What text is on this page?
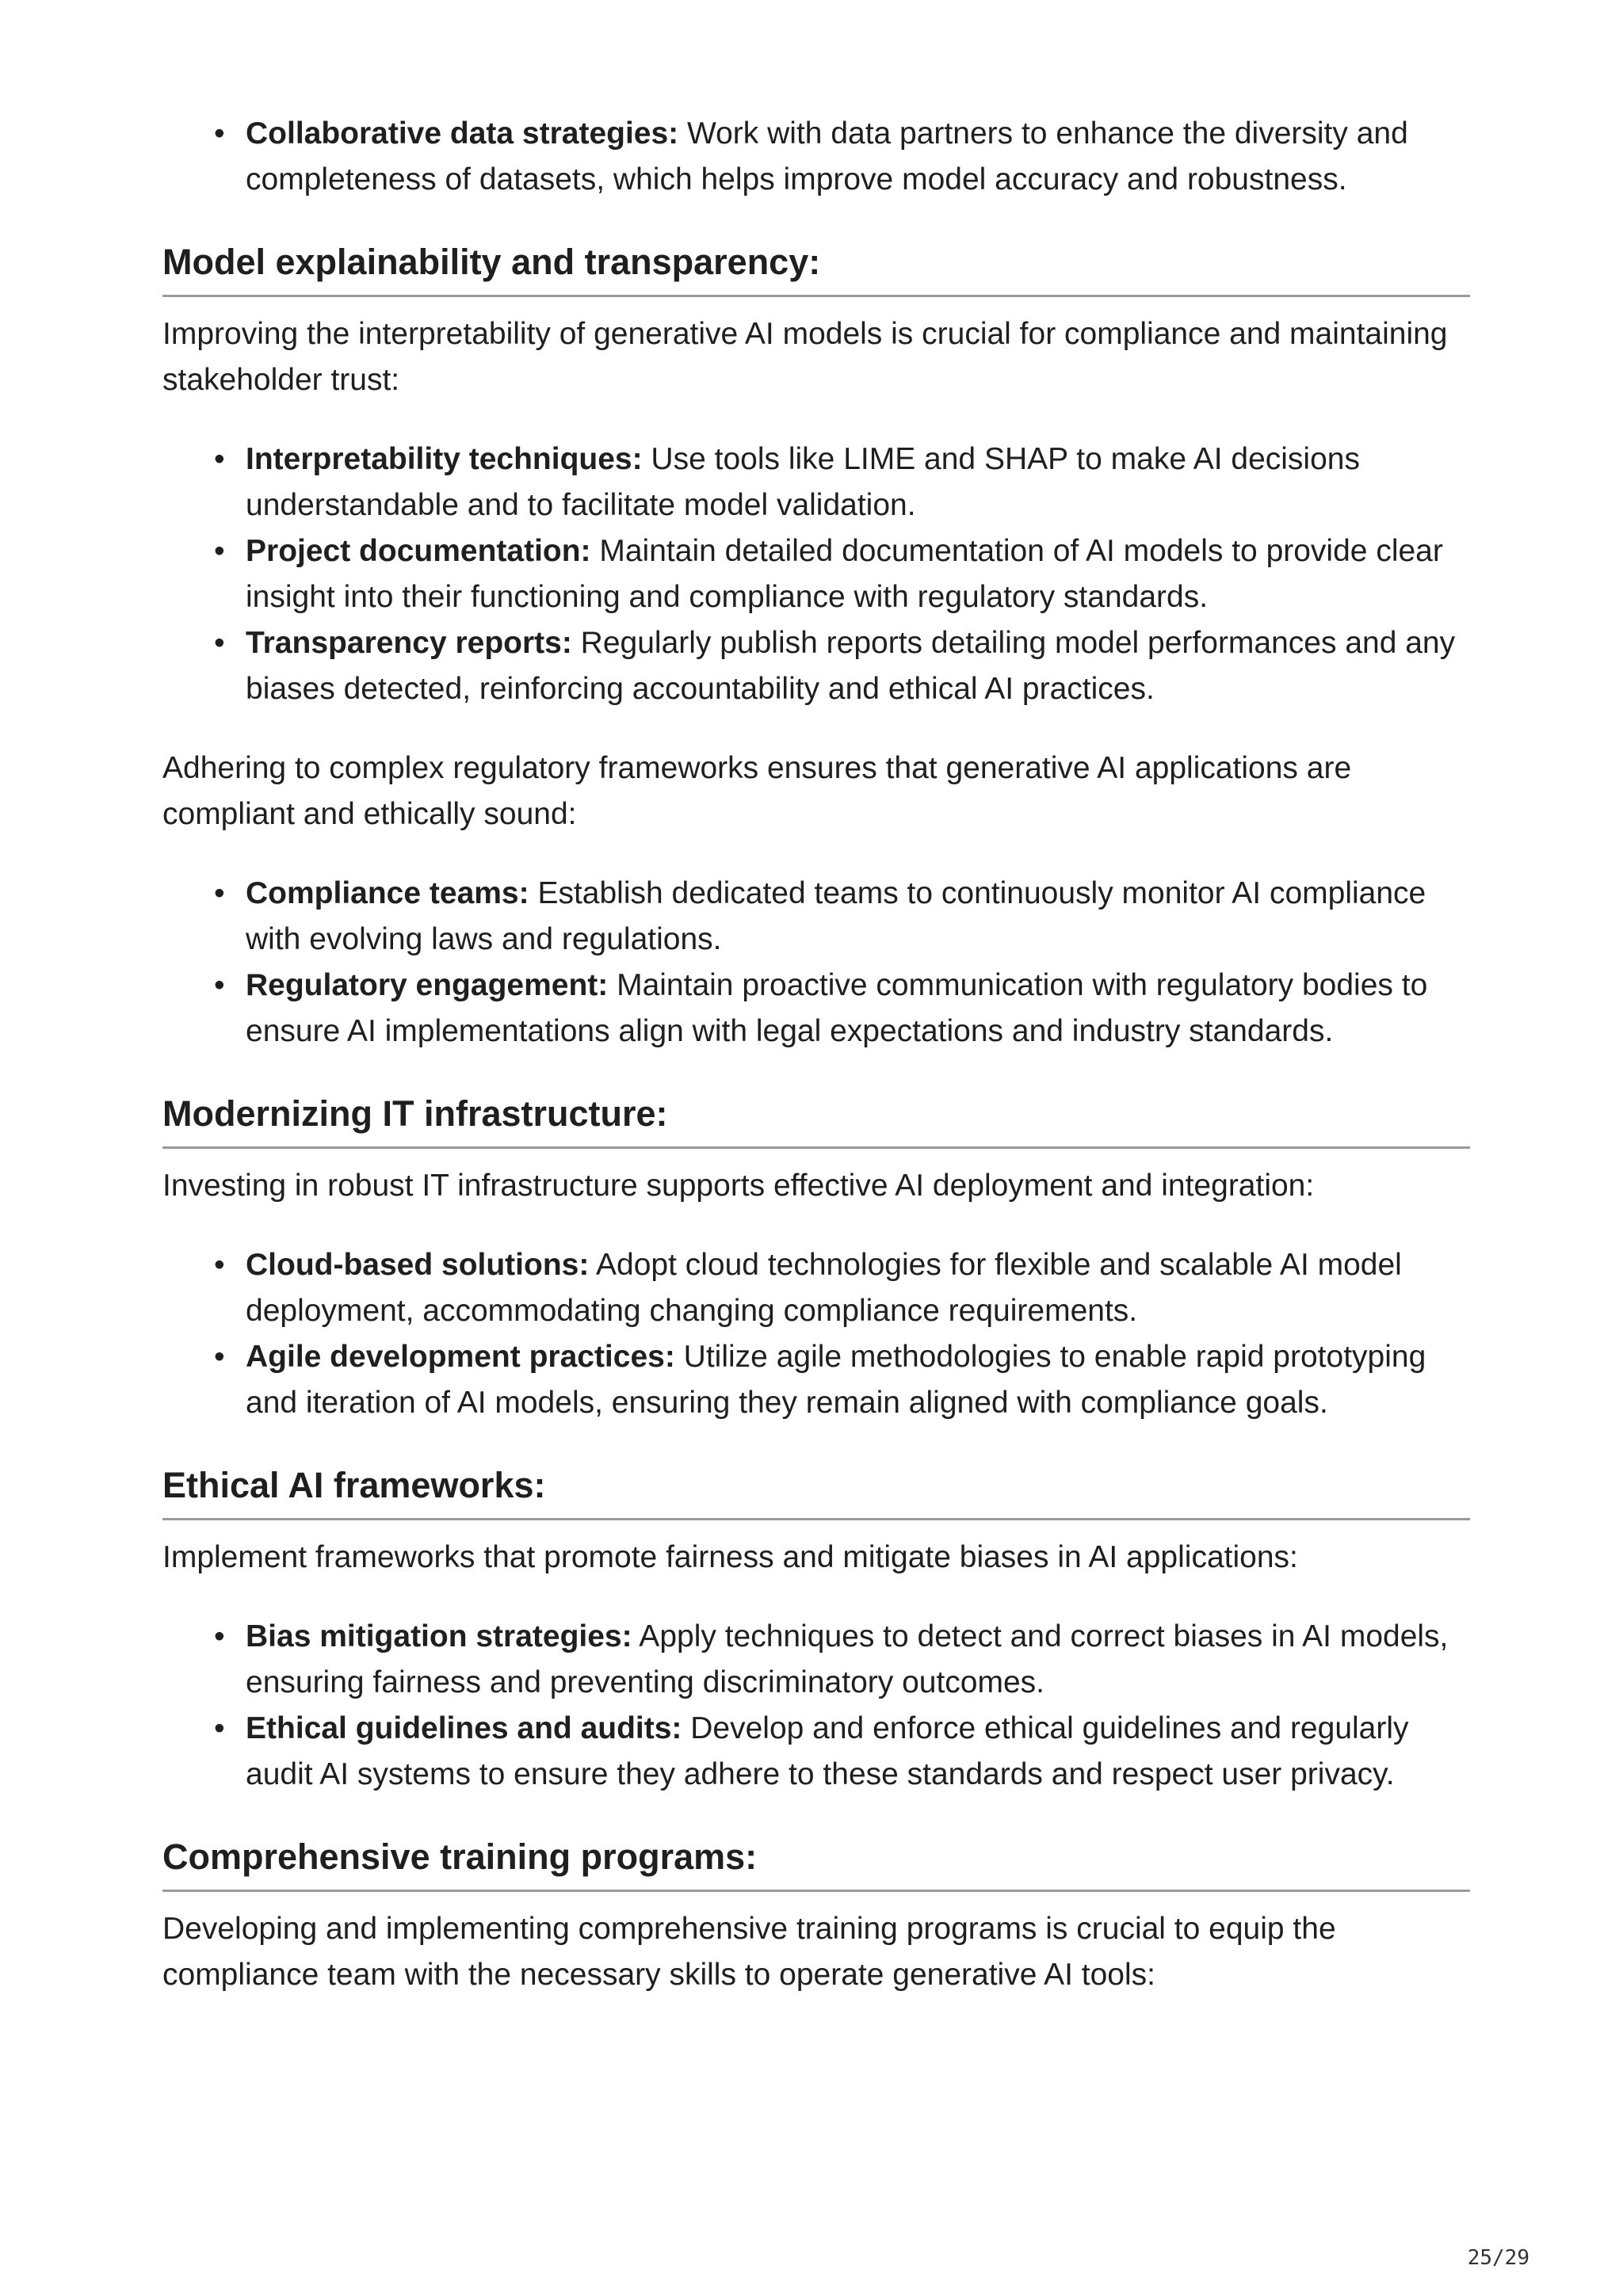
• Collaborative data strategies: Work with data partners to enhance the diversity and completeness of datasets, which helps improve model accuracy and robustness.
Model explainability and transparency:

Improving the interpretability of generative AI models is crucial for compliance and maintaining stakeholder trust:

• Interpretability techniques: Use tools like LIME and SHAP to make AI decisions understandable and to facilitate model validation.
• Project documentation: Maintain detailed documentation of AI models to provide clear insight into their functioning and compliance with regulatory standards.
• Transparency reports: Regularly publish reports detailing model performances and any biases detected, reinforcing accountability and ethical AI practices.

Adhering to complex regulatory frameworks ensures that generative AI applications are compliant and ethically sound:

• Compliance teams: Establish dedicated teams to continuously monitor AI compliance with evolving laws and regulations.
• Regulatory engagement: Maintain proactive communication with regulatory bodies to ensure AI implementations align with legal expectations and industry standards.
Modernizing IT infrastructure:

Investing in robust IT infrastructure supports effective AI deployment and integration:

• Cloud-based solutions: Adopt cloud technologies for flexible and scalable AI model deployment, accommodating changing compliance requirements.
• Agile development practices: Utilize agile methodologies to enable rapid prototyping and iteration of AI models, ensuring they remain aligned with compliance goals.
Ethical AI frameworks:

Implement frameworks that promote fairness and mitigate biases in AI applications:

• Bias mitigation strategies: Apply techniques to detect and correct biases in AI models, ensuring fairness and preventing discriminatory outcomes.
• Ethical guidelines and audits: Develop and enforce ethical guidelines and regularly audit AI systems to ensure they adhere to these standards and respect user privacy.
Comprehensive training programs:

Developing and implementing comprehensive training programs is crucial to equip the compliance team with the necessary skills to operate generative AI tools:

25/29
